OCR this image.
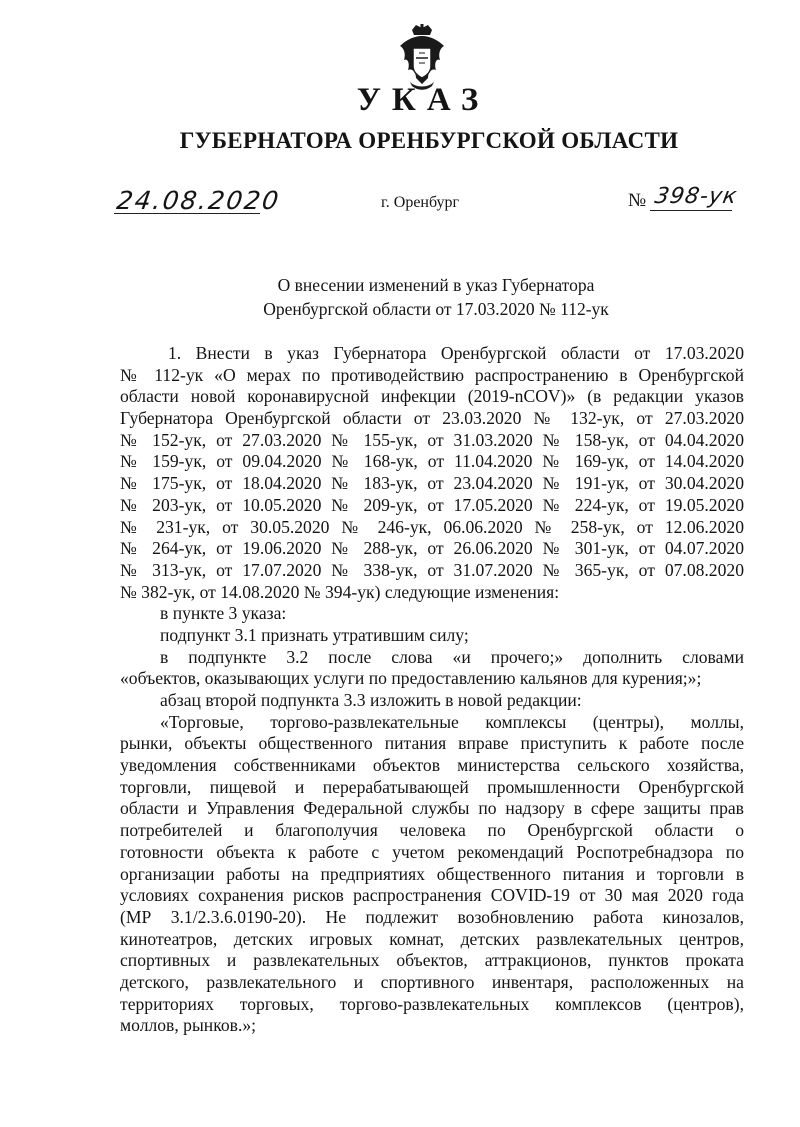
УКАЗ
ГУБЕРНАТОРА ОРЕНБУРГСКОЙ ОБЛАСТИ
24.08.2020	г. Оренбург	№ 398-ук
О внесении изменений в указ Губернатора
Оренбургской области от 17.03.2020 № 112-ук
1. Внести в указ Губернатора Оренбургской области от 17.03.2020
№ 112-ук «О мерах по противодействию распространению в Оренбургской
области новой коронавирусной инфекции (2019-nCOV)» (в редакции указов
Губернатора Оренбургской области от 23.03.2020 № 132-ук, от 27.03.2020
№ 152-ук, от 27.03.2020 № 155-ук, от 31.03.2020 № 158-ук, от 04.04.2020
№ 159-ук, от 09.04.2020 № 168-ук, от 11.04.2020 № 169-ук, от 14.04.2020
№ 175-ук, от 18.04.2020 № 183-ук, от 23.04.2020 № 191-ук, от 30.04.2020
№ 203-ук, от 10.05.2020 № 209-ук, от 17.05.2020 № 224-ук, от 19.05.2020
№ 231-ук, от 30.05.2020 № 246-ук, 06.06.2020 № 258-ук, от 12.06.2020
№ 264-ук, от 19.06.2020 № 288-ук, от 26.06.2020 № 301-ук, от 04.07.2020
№ 313-ук, от 17.07.2020 № 338-ук, от 31.07.2020 № 365-ук, от 07.08.2020
№ 382-ук, от 14.08.2020 № 394-ук) следующие изменения:
в пункте 3 указа:
подпункт 3.1 признать утратившим силу;
в подпункте 3.2 после слова «и прочего;» дополнить словами
«объектов, оказывающих услуги по предоставлению кальянов для курения;»;
абзац второй подпункта 3.3 изложить в новой редакции:
«Торговые, торгово-развлекательные комплексы (центры), моллы,
рынки, объекты общественного питания вправе приступить к работе после
уведомления собственниками объектов министерства сельского хозяйства,
торговли, пищевой и перерабатывающей промышленности Оренбургской
области и Управления Федеральной службы по надзору в сфере защиты прав
потребителей и благополучия человека по Оренбургской области о
готовности объекта к работе с учетом рекомендаций Роспотребнадзора по
организации работы на предприятиях общественного питания и торговли в
условиях сохранения рисков распространения COVID-19 от 30 мая 2020 года
(МР 3.1/2.3.6.0190-20). Не подлежит возобновлению работа кинозалов,
кинотеатров, детских игровых комнат, детских развлекательных центров,
спортивных и развлекательных объектов, аттракционов, пунктов проката
детского, развлекательного и спортивного инвентаря, расположенных на
территориях торговых, торгово-развлекательных комплексов (центров),
моллов, рынков.»;
